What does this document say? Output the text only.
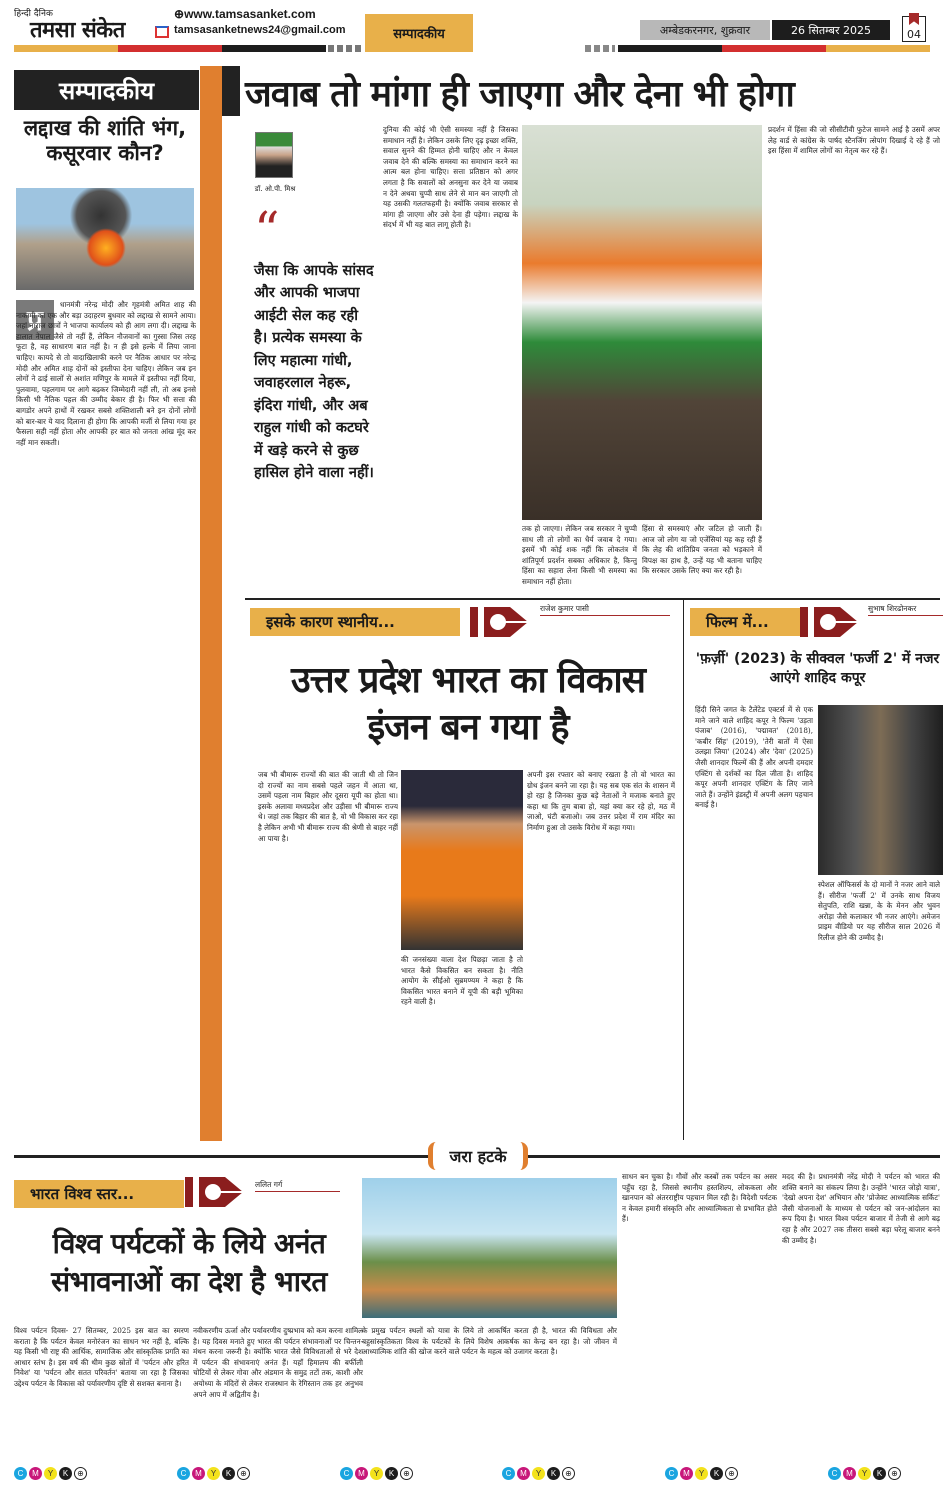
हिन्दी दैनिक
तमसा संकेत
⊕www.tamsasanket.com
tamsasanketnews24@gmail.com	सम्पादकीय	अम्बेडकरनगर, शुक्रवार	26 सितम्बर 2025	04
सम्पादकीय
लद्दाख की शांति भंग, कसूरवार कौन?
प्र	धानमंत्री नरेन्द्र मोदी और गृहमंत्री अमित शाह की नाकामी का एक और बड़ा उदाहरण बुधवार को लद्दाख से सामने आया। जहां नाराज छात्रों ने भाजपा कार्यालय को ही आग लगा दी। लद्दाख के हालात नेपाल जैसे तो नहीं हैं, लेकिन नौजवानों का गुस्सा जिस तरह फूटा है, वह साधारण बात नहीं है। न ही इसे हल्के में लिया जाना चाहिए। कायदे से तो वादाखिलाफी करने पर नैतिक आधार पर नरेन्द्र मोदी और अमित शाह दोनों को इस्तीफा देना चाहिए। लेकिन जब इन लोगों ने ढाई सालों से अशांत मणिपुर के मामले में इस्तीफा नहीं दिया, पुलवामा, पहलगाम पर आगे बढ़कर जिम्मेदारी नहीं ली, तो अब इनसे किसी भी नैतिक पहल की उम्मीद बेकार ही है। फिर भी सत्ता की बागडोर अपने हाथों में रखकर सबसे शक्तिशाली बने इन दोनों लोगों को बार-बार ये याद दिलाना ही होगा कि आपकी मर्जी से लिया गया हर फैसला सही नहीं होता और आपकी हर बात को जनता आंख मूंद कर नहीं मान सकती।
जवाब तो मांगा ही जाएगा और देना भी होगा
डॉ. ओ.पी. मिश्र
“
जैसा कि आपके सांसद और आपकी भाजपा आईटी सेल कह रही है। प्रत्येक समस्या के लिए महात्मा गांधी, जवाहरलाल नेहरू, इंदिरा गांधी, और अब राहुल गांधी को कटघरे में खड़े करने से कुछ हासिल होने वाला नहीं।
दुनिया की कोई भी ऐसी समस्या नहीं है जिसका समाधान नहीं है। लेकिन उसके लिए दृढ़ इच्छा शक्ति, सवाल सुनने की हिम्मत होनी चाहिए और न केवल जवाब देने की बल्कि समस्या का समाधान करने का आत्म बल होना चाहिए। सत्ता प्रतिष्ठान को अगर लगता है कि सवालों को अनसुना कर देने या जवाब न देने अथवा चुप्पी साध लेने से मान बन जाएगी तो यह उसकी गलतफहमी है। क्योंकि जवाब सरकार से मांगा ही जाएगा और उसे देना ही पड़ेगा। लद्दाख के संदर्भ में भी यह बात लागू होती है।
तक हो जाएगा। लेकिन जब सरकार ने चुप्पी साध ली तो लोगों का धैर्य जवाब दे गया। इसमें भी कोई शक नहीं कि लोकतंत्र में शांतिपूर्ण प्रदर्शन सबका अधिकार है, किन्तु हिंसा का सहारा लेना किसी भी समस्या का समाधान नहीं होता।
हिंसा से समस्याएं और जटिल हो जाती हैं। आज जो लोग या जो एजेंसियां यह कह रही हैं कि लेह की शांतिप्रिय जनता को भड़काने में विपक्ष का हाथ है, उन्हें यह भी बताना चाहिए कि सरकार उसके लिए क्या कर रही है।
प्रदर्शन में हिंसा की जो सीसीटीवी फुटेज सामने आई है उसमें अपर लेह वार्ड से कांग्रेस के पार्षद स्टैनजिंग त्सेपांग दिखाई दे रहे हैं जो इस हिंसा में शामिल लोगों का नेतृत्व कर रहे हैं।
इसके कारण स्थानीय...
राजेश कुमार पासी
उत्तर प्रदेश भारत का विकास इंजन बन गया है
जब भी बीमारू राज्यों की बात की जाती थी तो जिन दो राज्यों का नाम सबसे पहले जहन में आता था, उसमें पहला नाम बिहार और दूसरा यूपी का होता था। इसके अलावा मध्यप्रदेश और उड़ीसा भी बीमारू राज्य थे। जहां तक बिहार की बात है, वो भी विकास कर रहा है लेकिन अभी भी बीमारू राज्य की श्रेणी से बाहर नहीं आ पाया है।
की जनसंख्या वाला देश पिछड़ा जाता है तो भारत कैसे विकसित बन सकता है। नीति आयोग के सीईओ सुब्रमण्यम ने कहा है कि विकसित भारत बनाने में यूपी की बड़ी भूमिका रहने वाली है।
अपनी इस रफ्तार को बनाए रखता है तो वो भारत का ग्रोथ इंजन बनने जा रहा है। यह सब एक संत के शासन में हो रहा है जिनका कुछ बड़े नेताओं ने मजाक बनाते हुए कहा था कि तुम बाबा हो, यहां क्या कर रहे हो, मठ में जाओ, घंटी बजाओ। जब उत्तर प्रदेश में राम मंदिर का निर्माण हुआ तो उसके विरोध में कहा गया।
फिल्म में...
सुभाष शिरढोनकर
'फ़र्ज़ी' (2023) के सीक्वल 'फर्जी 2' में नजर आएंगे शाहिद कपूर
हिंदी सिने जगत के टैलेंटेड एक्टर्स में से एक माने जाने वाले शाहिद कपूर ने फिल्म 'उड़ता पंजाब' (2016), 'पद्मावत' (2018), 'कबीर सिंह' (2019), 'तेरी बातों में ऐसा उलझा जिया' (2024) और 'देवा' (2025) जैसी शानदार फिल्में की हैं और अपनी दमदार एक्टिंग से दर्शकों का दिल जीता है। शाहिद कपूर अपनी शानदार एक्टिंग के लिए जाने जाते हैं। उन्होंने इंडस्ट्री में अपनी अलग पहचान बनाई है।
स्पेशल ऑफिसर्स के दो मानों ने नजर आने वाले हैं। सीरीज 'फर्जी 2' में उनके साथ विजय सेतुपति, राशि खन्ना, के के मेनन और भुवन अरोड़ा जैसे कलाकार भी नजर आएंगे। अमेजन प्राइम वीडियो पर यह सीरीज साल 2026 में रिलीज होने की उम्मीद है।
जरा हटके
भारत विश्व स्तर...
ललित गर्ग
विश्व पर्यटकों के लिये अनंत संभावनाओं का देश है भारत
विश्व पर्यटन दिवस- 27 सितम्बर, 2025 इस बात का स्मरण कराता है कि पर्यटन केवल मनोरंजन का साधन भर नहीं है, बल्कि यह किसी भी राष्ट्र की आर्थिक, सामाजिक और सांस्कृतिक प्रगति का आधार स्तंभ है। इस वर्ष की थीम कुछ स्रोतों में 'पर्यटन और हरित निवेश' या 'पर्यटन और सतत परिवर्तन' बताया जा रहा है जिसका उद्देश्य पर्यटन के विकास को पर्यावरणीय दृष्टि से सशक्त बनाना है।
नवीकरणीय ऊर्जा और पर्यावरणीय दुष्प्रभाव को कम करना शामिल है। यह दिवस मनाते हुए भारत की पर्यटन संभावनाओं पर चिन्तन-मंथन करना जरूरी है। क्योंकि भारत जैसे विविधताओं से भरे देश में पर्यटन की संभावनाएं अनंत हैं। यहाँ हिमालय की बर्फीली चोटियों से लेकर गोवा और अंडमान के समुद्र तटों तक, काशी और अयोध्या के मंदिरों से लेकर राजस्थान के रेगिस्तान तक हर अनुभव अपने आप में अद्वितीय है।
के प्रमुख पर्यटन स्थलों को यात्रा के लिये तो आकर्षित करता ही है, भारत की विविधता और बहुसांस्कृतिकता विश्व के पर्यटकों के लिये विशेष आकर्षक का केन्द्र बन रहा है। जो जीवन में आध्यात्मिक शांति की खोज करने वाले पर्यटन के महत्व को उजागर करता है।
साधन बन चुका है। गौवों और कस्बों तक पर्यटन का असर पहुँच रहा है, जिससे स्थानीय हस्तशिल्प, लोककला और खानपान को अंतरराष्ट्रीय पहचान मिल रही है। विदेशी पर्यटक न केवल हमारी संस्कृति और आध्यात्मिकता से प्रभावित होते हैं।
मदद की है। प्रधानमंत्री नरेंद्र मोदी ने पर्यटन को भारत की शक्ति बनाने का संकल्प लिया है। उन्होंने 'भारत जोड़ो यात्रा', 'देखो अपना देश' अभियान और 'प्रोजेक्ट आध्यात्मिक सर्किट' जैसी योजनाओं के माध्यम से पर्यटन को जन-आंदोलन का रूप दिया है। भारत विश्व पर्यटन बाजार में तेजी से आगे बढ़ रहा है और 2027 तक तीसरा सबसे बड़ा घरेलू बाजार बनने की उम्मीद है।
C	M	Y	K	⊕	C	M	Y	K	⊕	C	M	Y	K	⊕	C	M	Y	K	⊕	C	M	Y	K	⊕	C	M	Y	K	⊕
